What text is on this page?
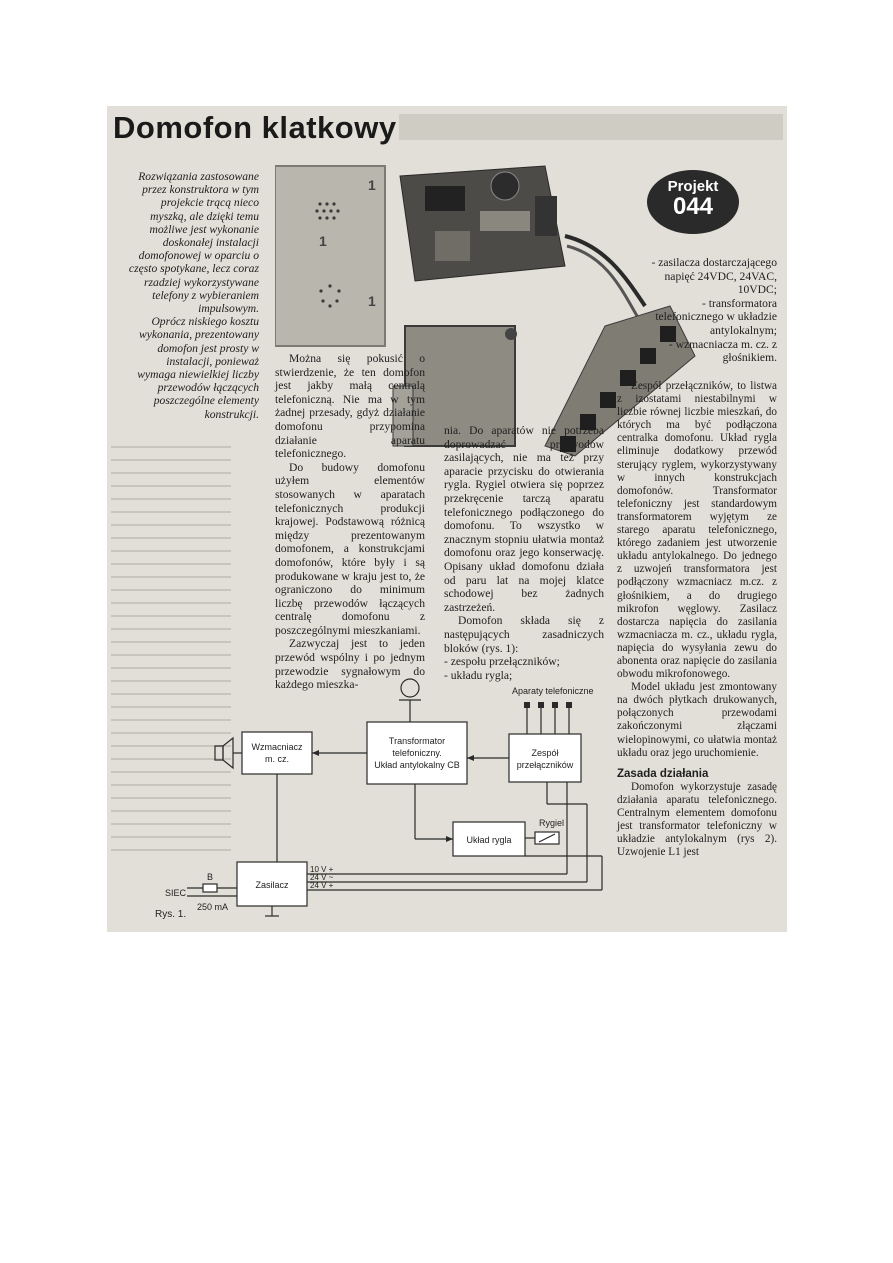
Domofon klatkowy

Rozwiązania zastosowane przez konstruktora w tym projekcie trącą nieco myszką, ale dzięki temu możliwe jest wykonanie doskonałej instalacji domofonowej w oparciu o często spotykane, lecz coraz rzadziej wykorzystywane telefony z wybieraniem impulsowym.

Oprócz niskiego kosztu wykonania, prezentowany domofon jest prosty w instalacji, ponieważ wymaga niewielkiej liczby przewodów łączących poszczególne elementy konstrukcji.

1
1
1
Projekt
044

- zasilacza dostarczającego napięć 24VDC, 24VAC, 10VDC;

- transformatora telefonicznego w układzie antylokalnym;

- wzmacniacza m. cz. z głośnikiem.

Można się pokusić o stwierdzenie, że ten domofon jest jakby małą centralą telefoniczną. Nie ma w tym żadnej przesady, gdyż działanie domofonu przypomina działanie aparatu telefonicznego.

Do budowy domofonu użyłem elementów stosowanych w aparatach telefonicznych produkcji krajowej. Podstawową różnicą między prezentowanym domofonem, a konstrukcjami domofonów, które były i są produkowane w kraju jest to, że ograniczono do minimum liczbę przewodów łączących centralę domofonu z poszczególnymi mieszkaniami.

Zazwyczaj jest to jeden przewód wspólny i po jednym przewodzie sygnałowym do każdego mieszka-

nia. Do aparatów nie potrzeba doprowadzać przewodów zasilających, nie ma też przy aparacie przycisku do otwierania rygla. Rygiel otwiera się poprzez przekręcenie tarczą aparatu telefonicznego podłączonego do domofonu. To wszystko w znacznym stopniu ułatwia montaż domofonu oraz jego konserwację. Opisany układ domofonu działa od paru lat na mojej klatce schodowej bez żadnych zastrzeżeń.

Domofon składa się z następujących zasadniczych bloków (rys. 1):

- zespołu przełączników;

- układu rygla;

Zespół przełączników, to listwa z izostatami niestabilnymi w liczbie równej liczbie mieszkań, do których ma być podłączona centralka domofonu. Układ rygla eliminuje dodatkowy przewód sterujący ryglem, wykorzystywany w innych konstrukcjach domofonów. Transformator telefoniczny jest standardowym transformatorem wyjętym ze starego aparatu telefonicznego, którego zadaniem jest utworzenie układu antylokalnego. Do jednego z uzwojeń transformatora jest podłączony wzmacniacz m.cz. z głośnikiem, a do drugiego mikrofon węglowy. Zasilacz dostarcza napięcia do zasilania wzmacniacza m. cz., układu rygla, napięcia do wysyłania zewu do abonenta oraz napięcie do zasilania obwodu mikrofonowego.

Model układu jest zmontowany na dwóch płytkach drukowanych, połączonych przewodami zakończonymi złączami wielopinowymi, co ułatwia montaż układu oraz jego uruchomienie.

Zasada działania

Domofon wykorzystuje zasadę działania aparatu telefonicznego. Centralnym elementem domofonu jest transformator telefoniczny w układzie antylokalnym (rys 2). Uzwojenie L1 jest

Aparaty telefoniczne
Wzmacniacz
m. cz.
Transformator
telefoniczny.
Układ antylokalny CB
Zespół
przełączników
Układ rygla
Rygiel
Zasilacz
SIEC
B
250 mA
10 V +
24 V ~
24 V +
Rys. 1.
